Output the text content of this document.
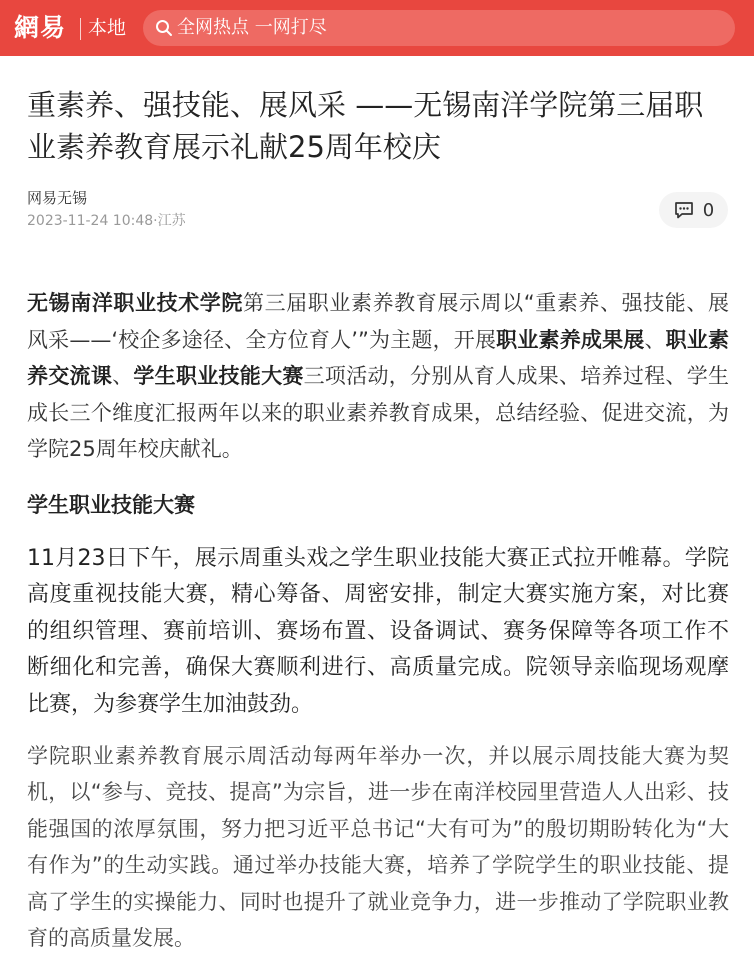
網易 本地	全网热点 一网打尽
重素养、强技能、展风采 ——无锡南洋学院第三届职业素养教育展示礼献25周年校庆
网易无锡
2023-11-24 10:48·江苏
0

无锡南洋职业技术学院第三届职业素养教育展示周以“重素养、强技能、展风采——‘校企多途径、全方位育人’”为主题，开展职业素养成果展、职业素养交流课、学生职业技能大赛三项活动，分别从育人成果、培养过程、学生成长三个维度汇报两年以来的职业素养教育成果，总结经验、促进交流，为学院25周年校庆献礼。

学生职业技能大赛

11月23日下午，展示周重头戏之学生职业技能大赛正式拉开帷幕。学院高度重视技能大赛，精心筹备、周密安排，制定大赛实施方案，对比赛的组织管理、赛前培训、赛场布置、设备调试、赛务保障等各项工作不断细化和完善，确保大赛顺利进行、高质量完成。院领导亲临现场观摩比赛，为参赛学生加油鼓劲。

学院职业素养教育展示周活动每两年举办一次，并以展示周技能大赛为契机，以“参与、竞技、提高”为宗旨，进一步在南洋校园里营造人人出彩、技能强国的浓厚氛围，努力把习近平总书记“大有可为”的殷切期盼转化为“大有作为”的生动实践。通过举办技能大赛，培养了学院学生的职业技能、提高了学生的实操能力、同时也提升了就业竞争力，进一步推动了学院职业教育的高质量发展。
